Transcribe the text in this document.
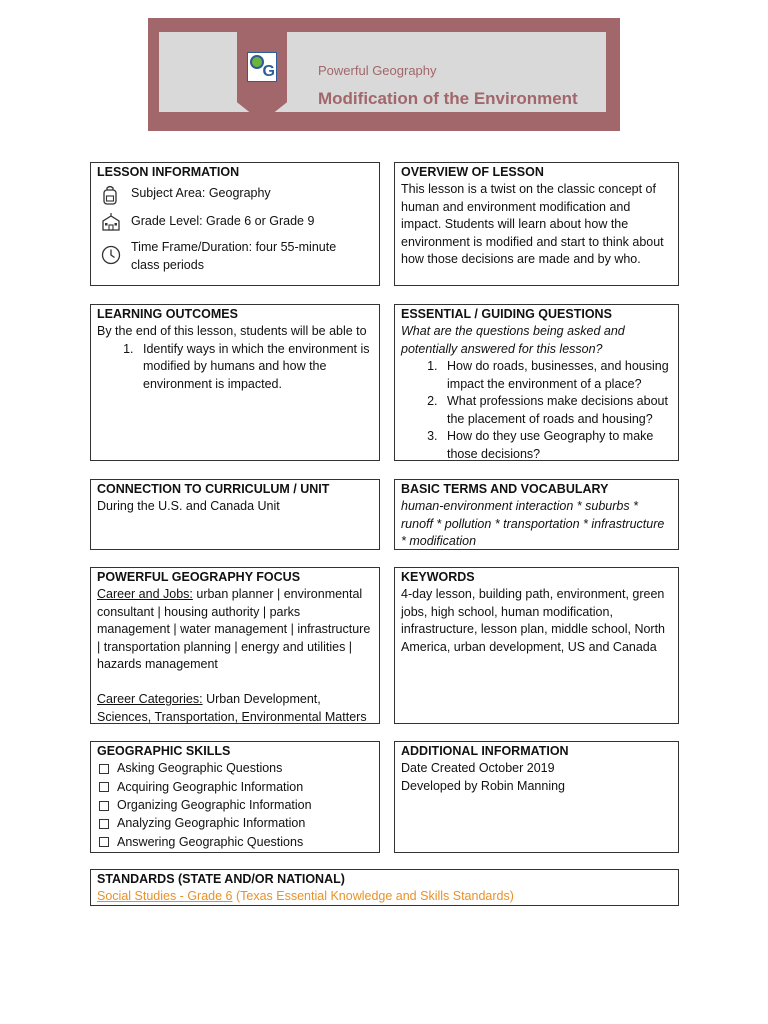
G	Powerful Geography
Modification of the Environment
LESSON INFORMATION
Subject Area: Geography
Grade Level: Grade 6 or Grade 9
Time Frame/Duration: four 55-minute
class periods
OVERVIEW OF LESSON
This lesson is a twist on the classic concept of human and environment modification and impact. Students will learn about how the environment is modified and start to think about how those decisions are made and by who.
LEARNING OUTCOMES
By the end of this lesson, students will be able to
1. Identify ways in which the environment is modified by humans and how the environment is impacted.
ESSENTIAL / GUIDING QUESTIONS
What are the questions being asked and potentially answered for this lesson?
1. How do roads, businesses, and housing impact the environment of a place?
2. What professions make decisions about the placement of roads and housing?
3. How do they use Geography to make those decisions?
CONNECTION TO CURRICULUM / UNIT
During the U.S. and Canada Unit
BASIC TERMS AND VOCABULARY
human-environment interaction * suburbs * runoff * pollution * transportation * infrastructure * modification
POWERFUL GEOGRAPHY FOCUS
Career and Jobs: urban planner | environmental consultant | housing authority | parks management | water management | infrastructure | transportation planning | energy and utilities | hazards management
Career Categories: Urban Development, Sciences, Transportation, Environmental Matters
KEYWORDS
4-day lesson, building path, environment, green jobs, high school, human modification, infrastructure, lesson plan, middle school, North America, urban development, US and Canada
GEOGRAPHIC SKILLS
Asking Geographic Questions
Acquiring Geographic Information
Organizing Geographic Information
Analyzing Geographic Information
Answering Geographic Questions
ADDITIONAL INFORMATION
Date Created October 2019
Developed by Robin Manning
STANDARDS (STATE AND/OR NATIONAL)
Social Studies - Grade 6 (Texas Essential Knowledge and Skills Standards)
